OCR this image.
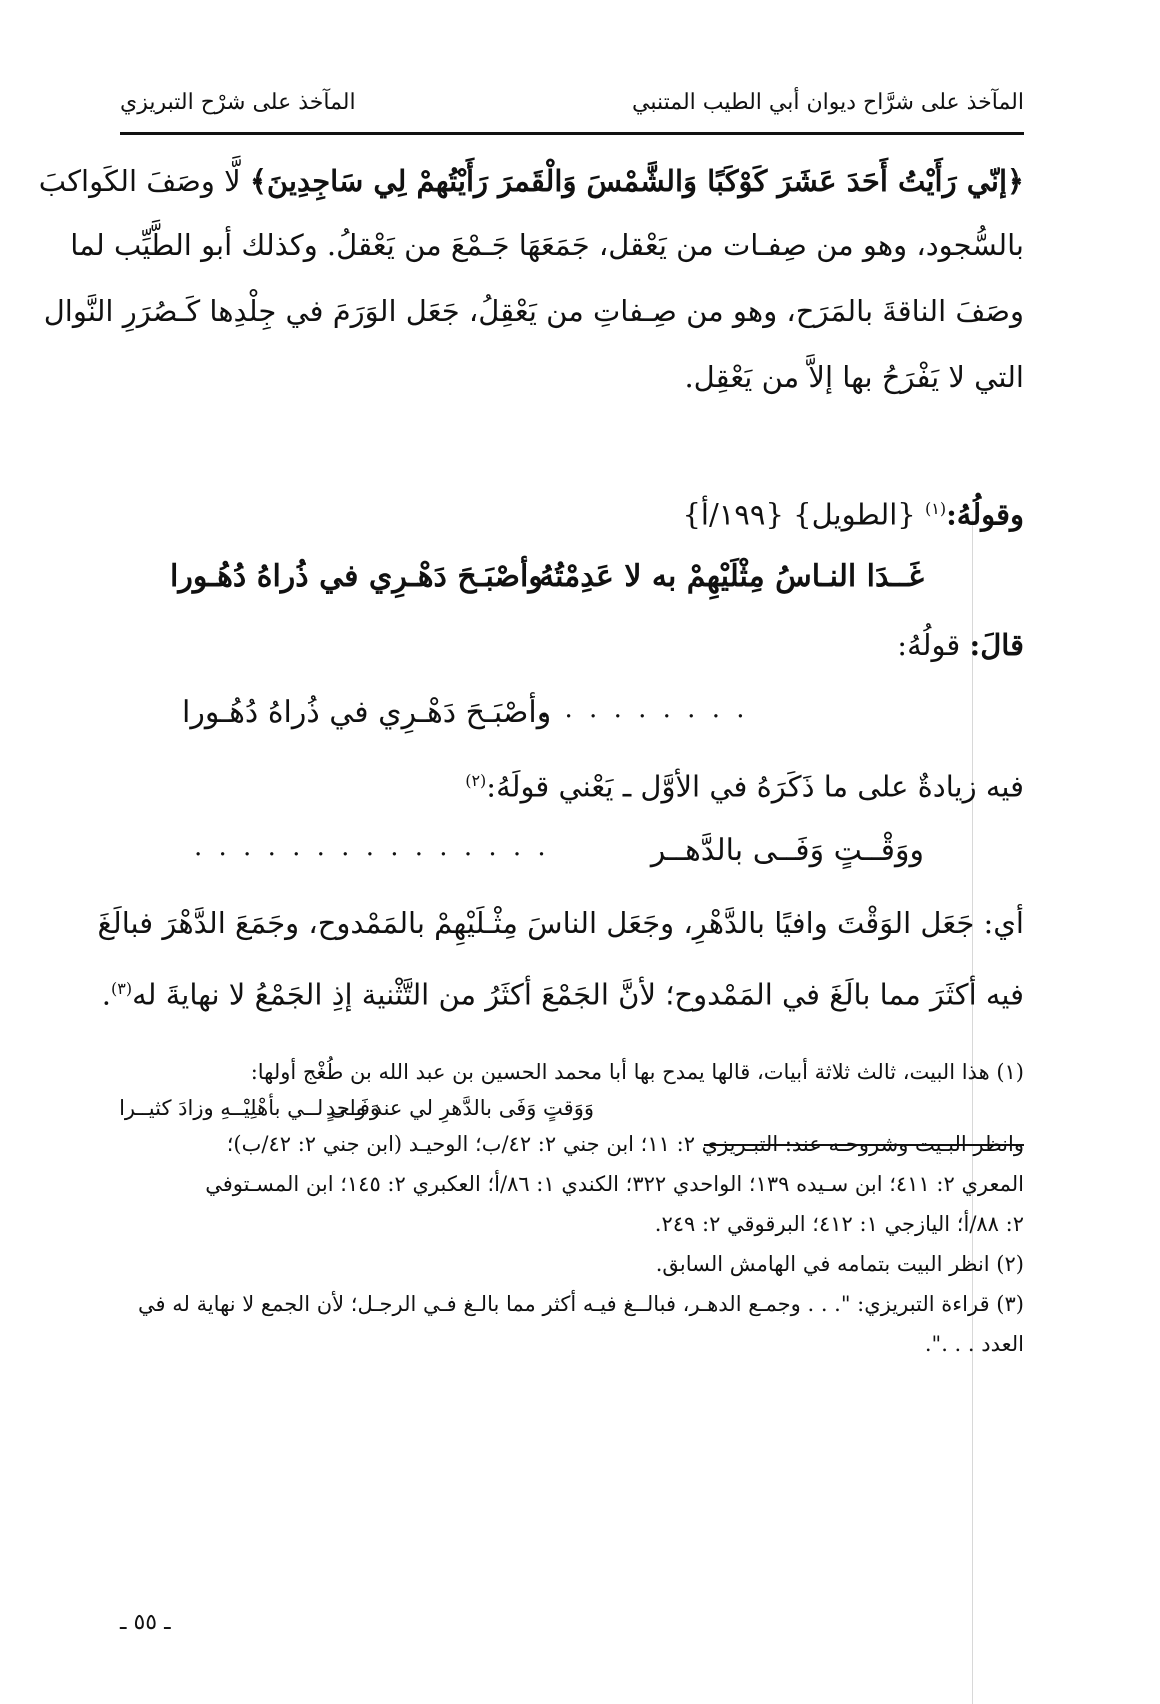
المآخذ على شرَّاح ديوان أبي الطيب المتنبي
المآخذ على شرْح التبريزي
﴿إنّي رَأَيْتُ أَحَدَ عَشَرَ كَوْكَبًا وَالشَّمْسَ وَالْقَمرَ رَأَيْتُهمْ لِي سَاجِدِينَ﴾ لَّا وصَفَ الكَواكبَ
بالسُّجود، وهو من صِفـات من يَعْقل، جَمَعَهَا جَـمْعَ من يَعْقلُ. وكذلك أبو الطَّيِّب لما
وصَفَ الناقةَ بالمَرَح، وهو من صِـفاتِ من يَعْقِلُ، جَعَل الوَرَمَ في جِلْدِها كَـصُرَرِ النَّوال
التي لا يَفْرَحُ بها إلاَّ من يَعْقِل.
وقولُهُ:$^{(١)}$ {الطويل} {١٩٩/أ}
غَــدَا النـاسُ مِثْلَيْهِمْ به لا عَدِمْتُهُ
وأصْبَـحَ دَهْـرِي في ذُراهُ دُهُـورا
قالَ: قولُهُ:
. . . . . . . . .
وأصْبَـحَ دَهْـرِي في ذُراهُ دُهُـورا
فيه زيادةٌ على ما ذَكَرَهُ في الأوَّل ـ يَعْني قولَهُ:$^{(٢)}$
ووَقْــتٍ وَفَــى بالدَّهــر
. . . . . . . . . . . . . . .
أي: جَعَل الوَقْتَ وافيًا بالدَّهْرِ، وجَعَل الناسَ مِثْـلَيْهِمْ بالمَمْدوح، وجَمَعَ الدَّهْرَ فبالَغَ
فيه أكثَرَ مما بالَغَ في المَمْدوح؛ لأنَّ الجَمْعَ أكثَرُ من التَّثْنية إذِ الجَمْعُ لا نهايةَ له$^{(٣)}$.
(١) هذا البيت، ثالث ثلاثة أبيات، قالها يمدح بها أبا محمد الحسين بن عبد الله بن طُغْج أولها:
وَوَقتٍ وَفَى بالدَّهرِ لي عند واحدٍ
وَفَــى لــي بأهْلِيْــهِ وزادَ كثيــرا
وانظر البـيت وشروحـه عند: التبـريزي ٢: ١١؛ ابن جني ٢: ٤٢/ب؛ الوحيـد (ابن جني ٢: ٤٢/ب)؛
المعري ٢: ٤١١؛ ابن سـيده ١٣٩؛ الواحدي ٣٢٢؛ الكندي ١: ٨٦/أ؛ العكبري ٢: ١٤٥؛ ابن المسـتوفي
٢: ٨٨/أ؛ اليازجي ١: ٤١٢؛ البرقوقي ٢: ٢٤٩.
(٢) انظر البيت بتمامه في الهامش السابق.
(٣) قراءة التبريزي: ". . . وجمـع الدهـر، فبالــغ فيـه أكثر مما بالـغ فـي الرجـل؛ لأن الجمع لا نهاية له في
العدد . . .".
ـ ٥٥ ـ
